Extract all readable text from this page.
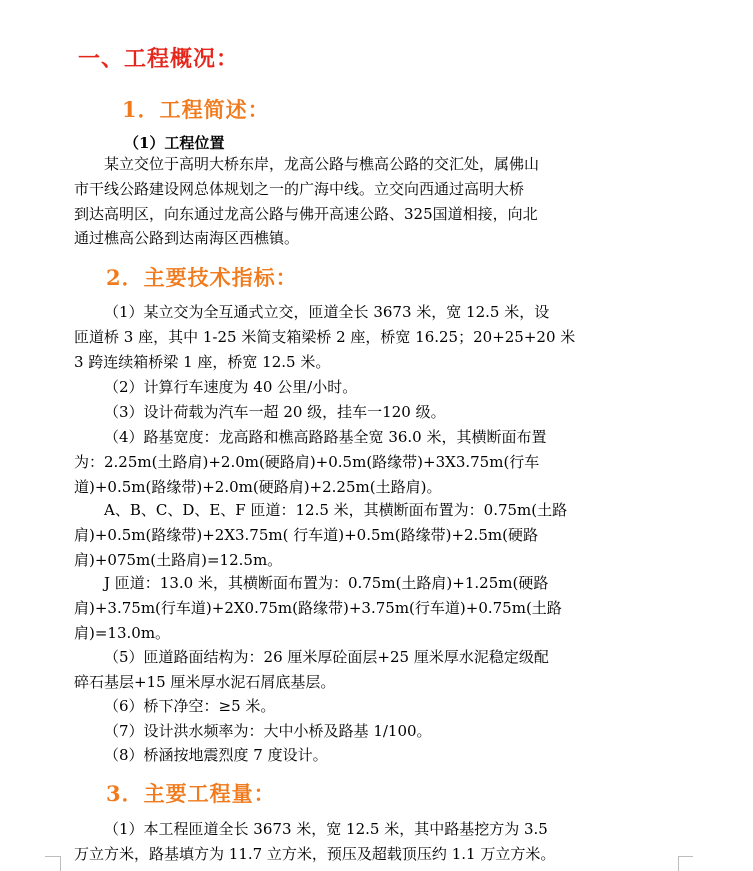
一、工程概况：
1．工程简述：
（1）工程位置
某立交位于高明大桥东岸，龙高公路与樵高公路的交汇处，属佛山
市干线公路建设网总体规划之一的广海中线。立交向西通过高明大桥
到达高明区，向东通过龙高公路与佛开高速公路、325国道相接，向北
通过樵高公路到达南海区西樵镇。
2．主要技术指标：
（1）某立交为全互通式立交，匝道全长 3673 米，宽 12.5 米，设
匝道桥 3 座，其中 1-25 米简支箱梁桥 2 座，桥宽 16.25；20+25+20 米
3 跨连续箱桥梁 1 座，桥宽 12.5 米。
（2）计算行车速度为 40 公里/小时。
（3）设计荷载为汽车一超 20 级，挂车一120 级。
（4）路基宽度：龙高路和樵高路路基全宽 36.0 米，其横断面布置
为：2.25m(土路肩)+2.0m(硬路肩)+0.5m(路缘带)+3X3.75m(行车
道)+0.5m(路缘带)+2.0m(硬路肩)+2.25m(土路肩)。
A、B、C、D、E、F 匝道：12.5 米，其横断面布置为：0.75m(土路
肩)+0.5m(路缘带)+2X3.75m( 行车道)+0.5m(路缘带)+2.5m(硬路
肩)+075m(土路肩)=12.5m。
J 匝道：13.0 米，其横断面布置为：0.75m(土路肩)+1.25m(硬路
肩)+3.75m(行车道)+2X0.75m(路缘带)+3.75m(行车道)+0.75m(土路
肩)=13.0m。
（5）匝道路面结构为：26 厘米厚砼面层+25 厘米厚水泥稳定级配
碎石基层+15 厘米厚水泥石屑底基层。
（6）桥下净空：≥5 米。
（7）设计洪水频率为：大中小桥及路基 1/100。
（8）桥涵按地震烈度 7 度设计。
3．主要工程量：
（1）本工程匝道全长 3673 米，宽 12.5 米，其中路基挖方为 3.5
万立方米，路基填方为 11.7 立方米，预压及超载顶压约 1.1 万立方米。
